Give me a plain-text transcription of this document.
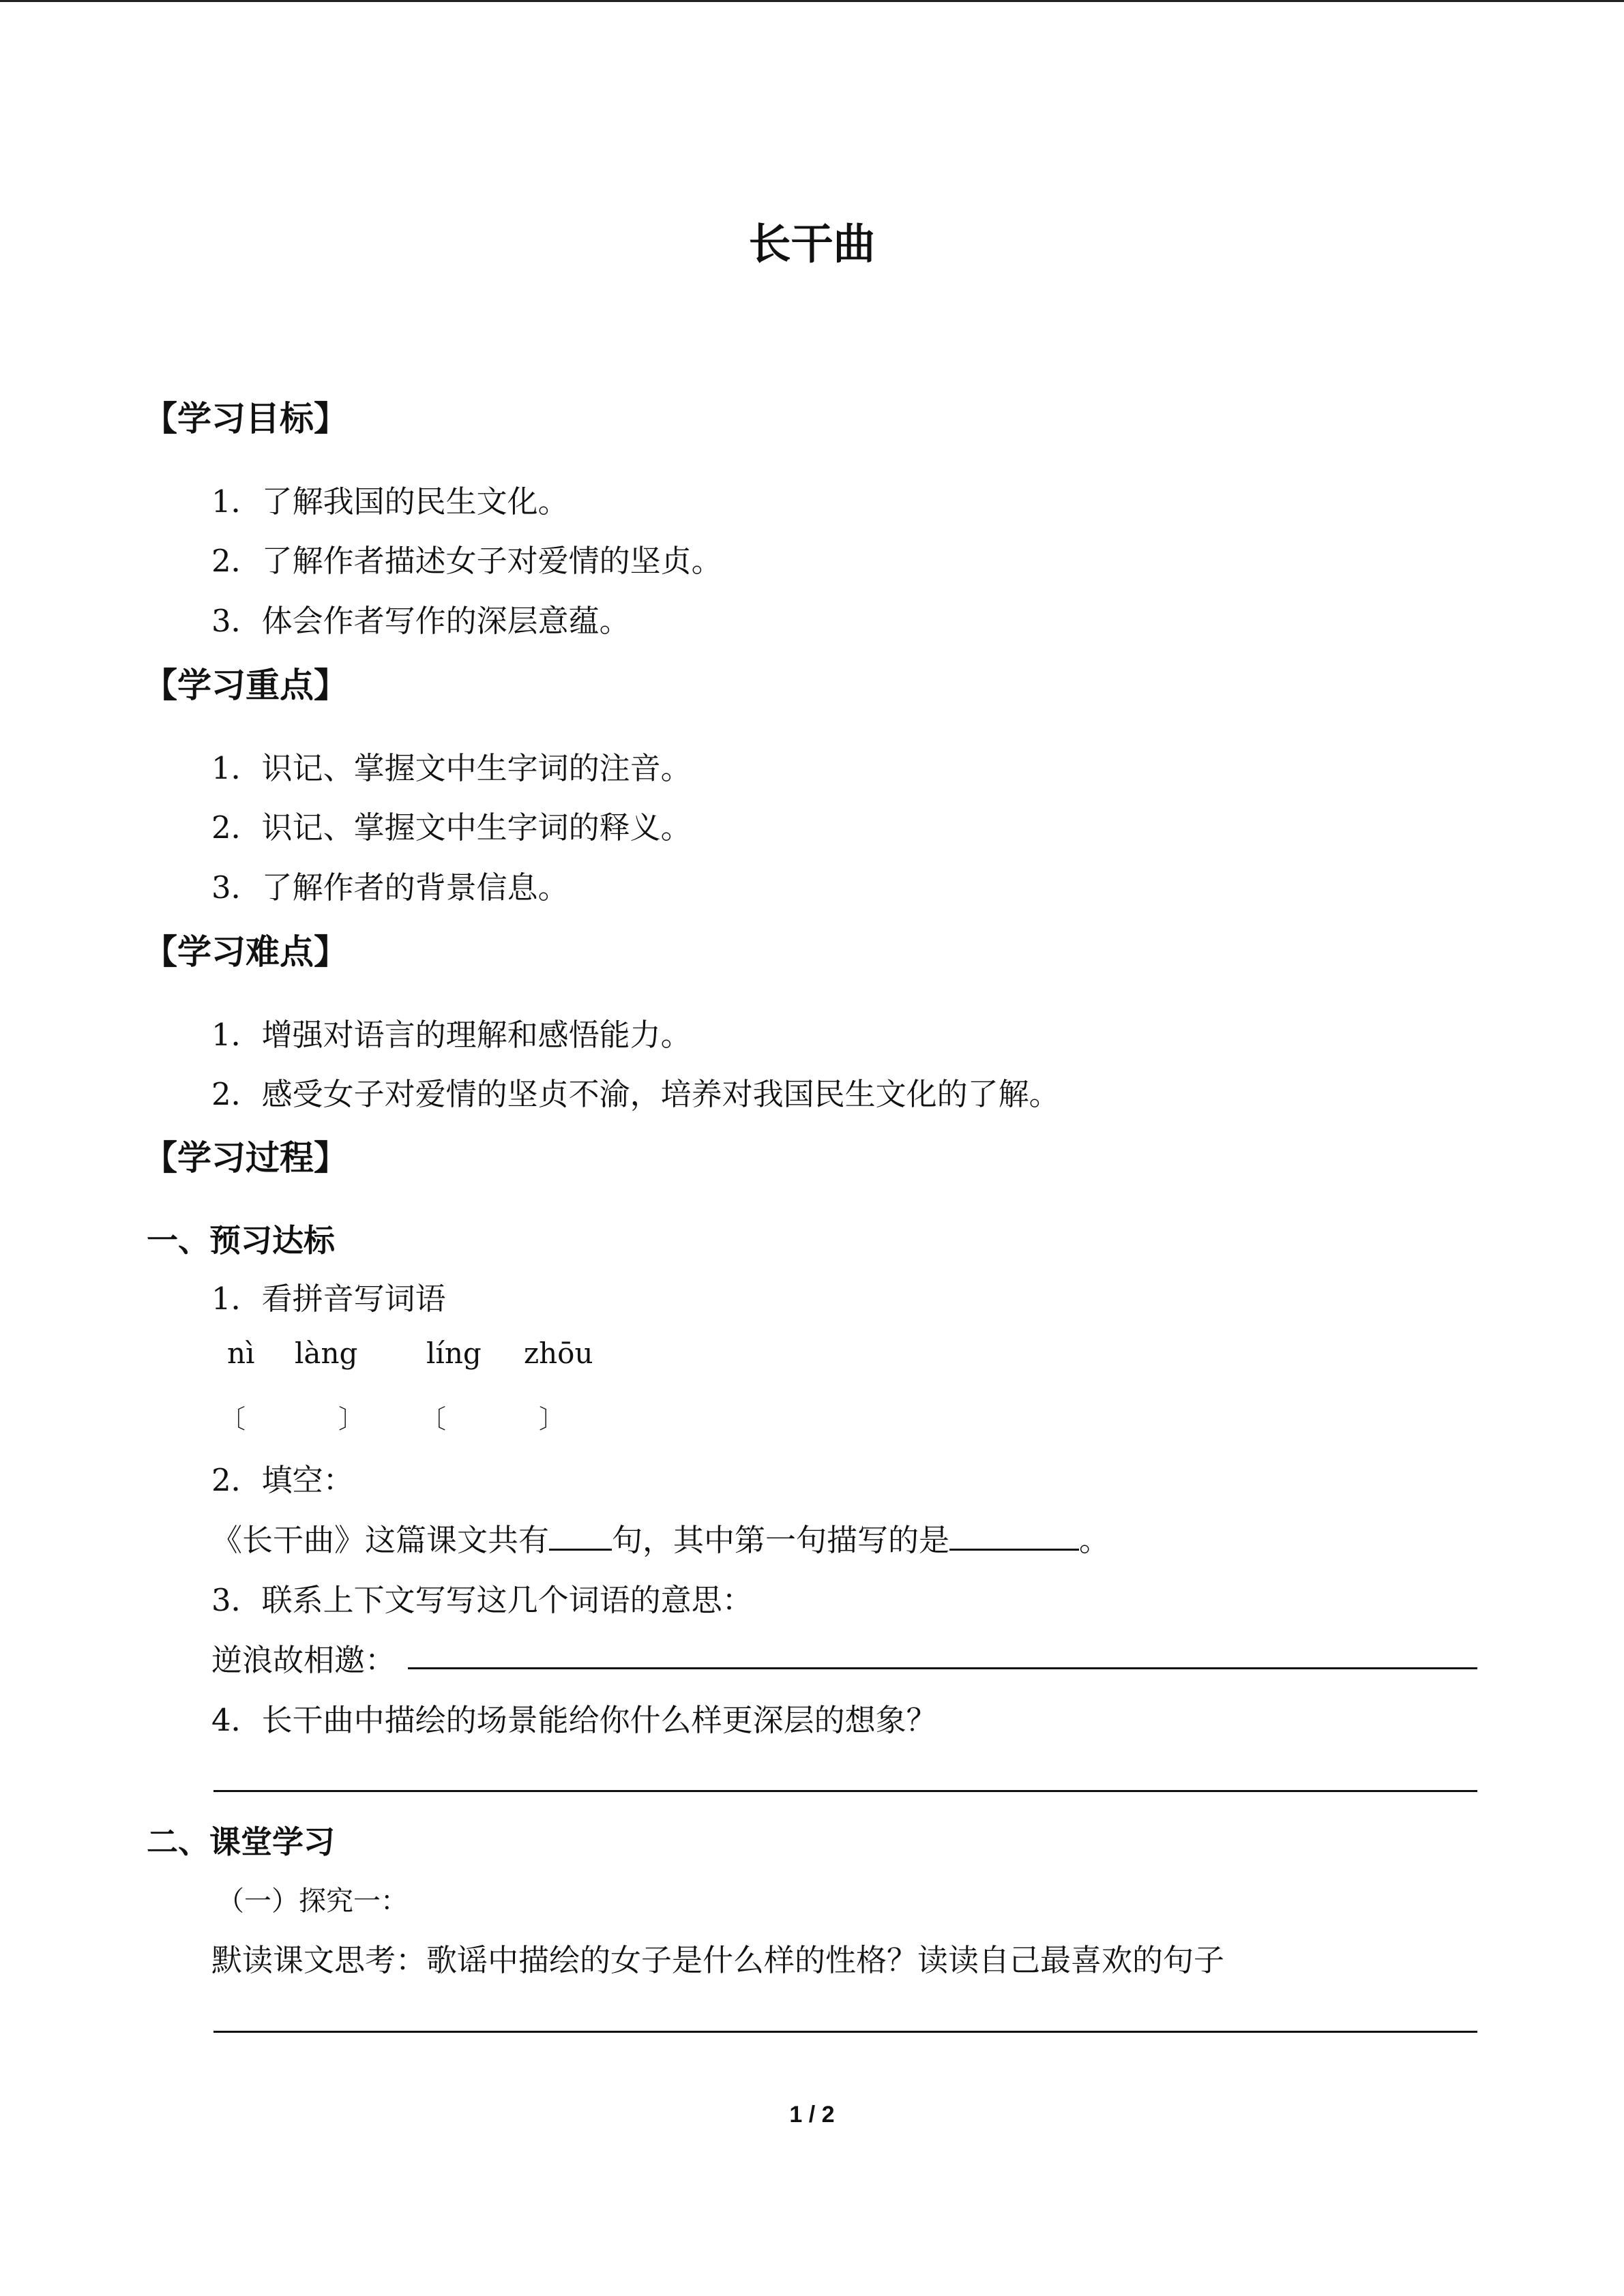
长干曲
【学习目标】
1．了解我国的民生文化。
2．了解作者描述女子对爱情的坚贞。
3．体会作者写作的深层意蕴。
【学习重点】
1．识记、掌握文中生字词的注音。
2．识记、掌握文中生字词的释义。
3．了解作者的背景信息。
【学习难点】
1．增强对语言的理解和感悟能力。
2．感受女子对爱情的坚贞不渝，培养对我国民生文化的了解。
【学习过程】
一、预习达标
1．看拼音写词语
nì làng líng zhōu
〔	〕 〔	〕
2．填空：
《长干曲》这篇课文共有 句，其中第一句描写的是	。
3．联系上下文写写这几个词语的意思：
逆浪故相邀：
4．长干曲中描绘的场景能给你什么样更深层的想象？
二、课堂学习
（一）探究一：
默读课文思考：歌谣中描绘的女子是什么样的性格？读读自己最喜欢的句子
1 / 2
